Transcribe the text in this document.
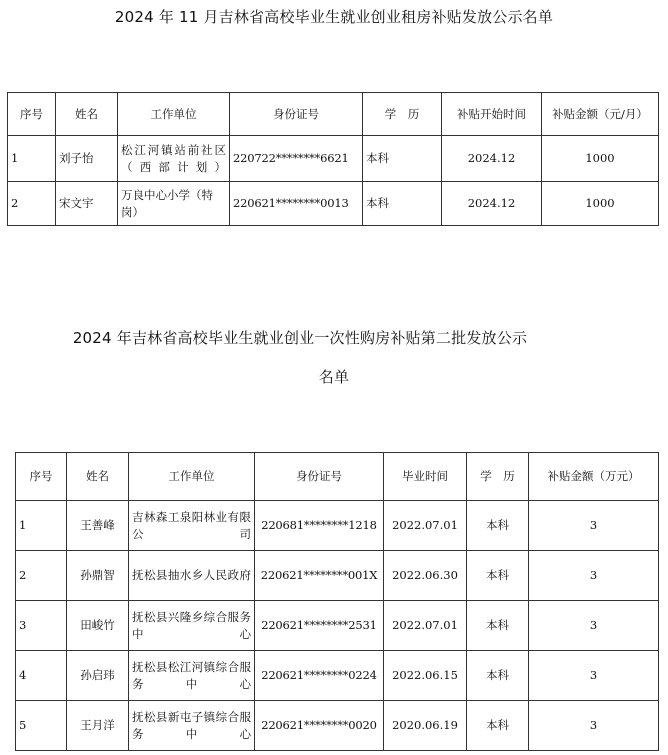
2024 年 11 月吉林省高校毕业生就业创业租房补贴发放公示名单
序号	姓名	工作单位	身份证号	学　历	补贴开始时间	补贴金额（元/月）
1	刘子怡	松江河镇站前社区（西部计划）	220722********6621	本科	2024.12	1000
2	宋文宇	万良中心小学（特岗）	220621********0013	本科	2024.12	1000
2024 年吉林省高校毕业生就业创业一次性购房补贴第二批发放公示
名单
序号	姓名	工作单位	身份证号	毕业时间	学　历	补贴金额（万元）
1	王善峰	吉林森工泉阳林业有限公司	220681********1218	2022.07.01	本科	3
2	孙鼎智	抚松县抽水乡人民政府	220621********001X	2022.06.30	本科	3
3	田峻竹	抚松县兴隆乡综合服务中心	220621********2531	2022.07.01	本科	3
4	孙启玮	抚松县松江河镇综合服务中心	220621********0224	2022.06.15	本科	3
5	王月洋	抚松县新屯子镇综合服务中心	220621********0020	2020.06.19	本科	3
